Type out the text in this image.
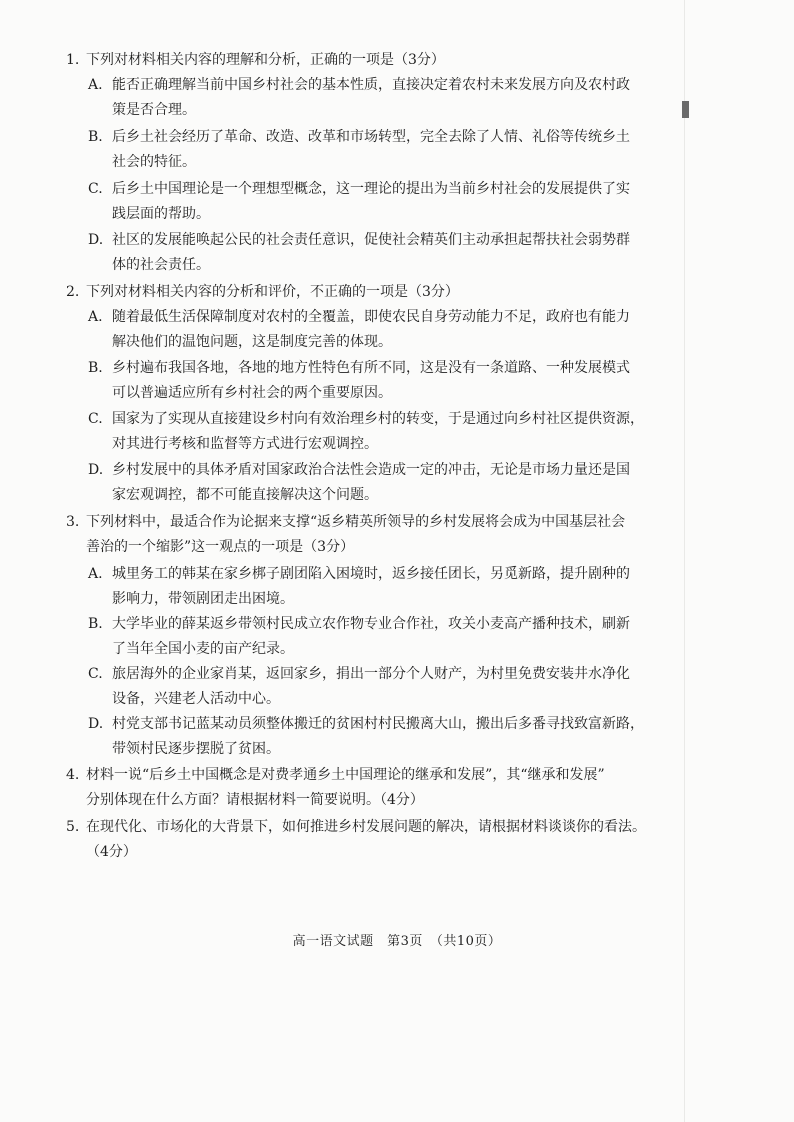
1. 下列对材料相关内容的理解和分析，正确的一项是（3分）
A. 能否正确理解当前中国乡村社会的基本性质，直接决定着农村未来发展方向及农村政
策是否合理。
B. 后乡土社会经历了革命、改造、改革和市场转型，完全去除了人情、礼俗等传统乡土
社会的特征。
C. 后乡土中国理论是一个理想型概念，这一理论的提出为当前乡村社会的发展提供了实
践层面的帮助。
D. 社区的发展能唤起公民的社会责任意识，促使社会精英们主动承担起帮扶社会弱势群
体的社会责任。
2. 下列对材料相关内容的分析和评价，不正确的一项是（3分）
A. 随着最低生活保障制度对农村的全覆盖，即使农民自身劳动能力不足，政府也有能力
解决他们的温饱问题，这是制度完善的体现。
B. 乡村遍布我国各地，各地的地方性特色有所不同，这是没有一条道路、一种发展模式
可以普遍适应所有乡村社会的两个重要原因。
C. 国家为了实现从直接建设乡村向有效治理乡村的转变，于是通过向乡村社区提供资源，
对其进行考核和监督等方式进行宏观调控。
D. 乡村发展中的具体矛盾对国家政治合法性会造成一定的冲击，无论是市场力量还是国
家宏观调控，都不可能直接解决这个问题。
3. 下列材料中，最适合作为论据来支撑“返乡精英所领导的乡村发展将会成为中国基层社会
善治的一个缩影”这一观点的一项是（3分）
A. 城里务工的韩某在家乡梆子剧团陷入困境时，返乡接任团长，另觅新路，提升剧种的
影响力，带领剧团走出困境。
B. 大学毕业的薛某返乡带领村民成立农作物专业合作社，攻关小麦高产播种技术，刷新
了当年全国小麦的亩产纪录。
C. 旅居海外的企业家肖某，返回家乡，捐出一部分个人财产，为村里免费安装井水净化
设备，兴建老人活动中心。
D. 村党支部书记蓝某动员须整体搬迁的贫困村村民搬离大山，搬出后多番寻找致富新路，
带领村民逐步摆脱了贫困。
4. 材料一说“后乡土中国概念是对费孝通乡土中国理论的继承和发展”，其“继承和发展”
分别体现在什么方面？请根据材料一简要说明。（4分）
5. 在现代化、市场化的大背景下，如何推进乡村发展问题的解决，请根据材料谈谈你的看法。
（4分）
高一语文试题　第3页　（共10页）
